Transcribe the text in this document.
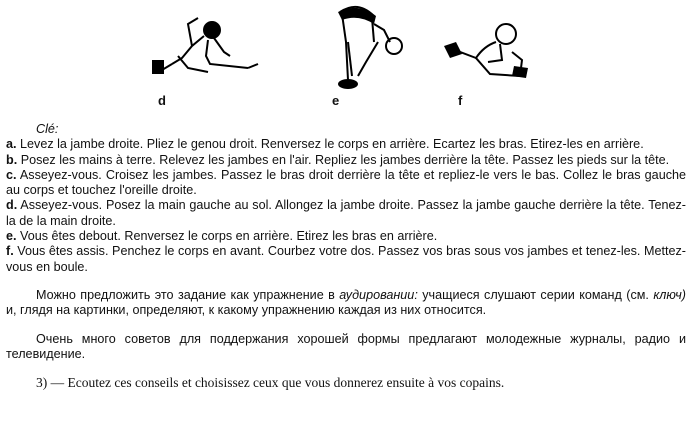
d	e	f
Clé:

a. Levez la jambe droite. Pliez le genou droit. Renversez le corps en arrière. Ecartez les bras. Etirez-les en arrière.

b. Posez les mains à terre. Relevez les jambes en l'air. Repliez les jambes derrière la tête. Passez les pieds sur la tête.

c. Asseyez-vous. Croisez les jambes. Passez le bras droit derrière la tête et repliez-le vers le bas. Collez le bras gauche au corps et touchez l'oreille droite.

d. Asseyez-vous. Posez la main gauche au sol. Allongez la jambe droite. Passez la jambe gauche derrière la tête. Tenez-la de la main droite.

e. Vous êtes debout. Renversez le corps en arrière. Etirez les bras en arrière.

f. Vous êtes assis. Penchez le corps en avant. Courbez votre dos. Passez vos bras sous vos jambes et tenez-les. Mettez-vous en boule.

Можно предложить это задание как упражнение в аудировании: учащиеся слушают серии команд (см. ключ) и, глядя на картинки, определяют, к какому упражнению каждая из них относится.

Очень много советов для поддержания хорошей формы предлагают молодежные журналы, радио и телевидение.

3) — Ecoutez ces conseils et choisissez ceux que vous donnerez ensuite à vos copains.
